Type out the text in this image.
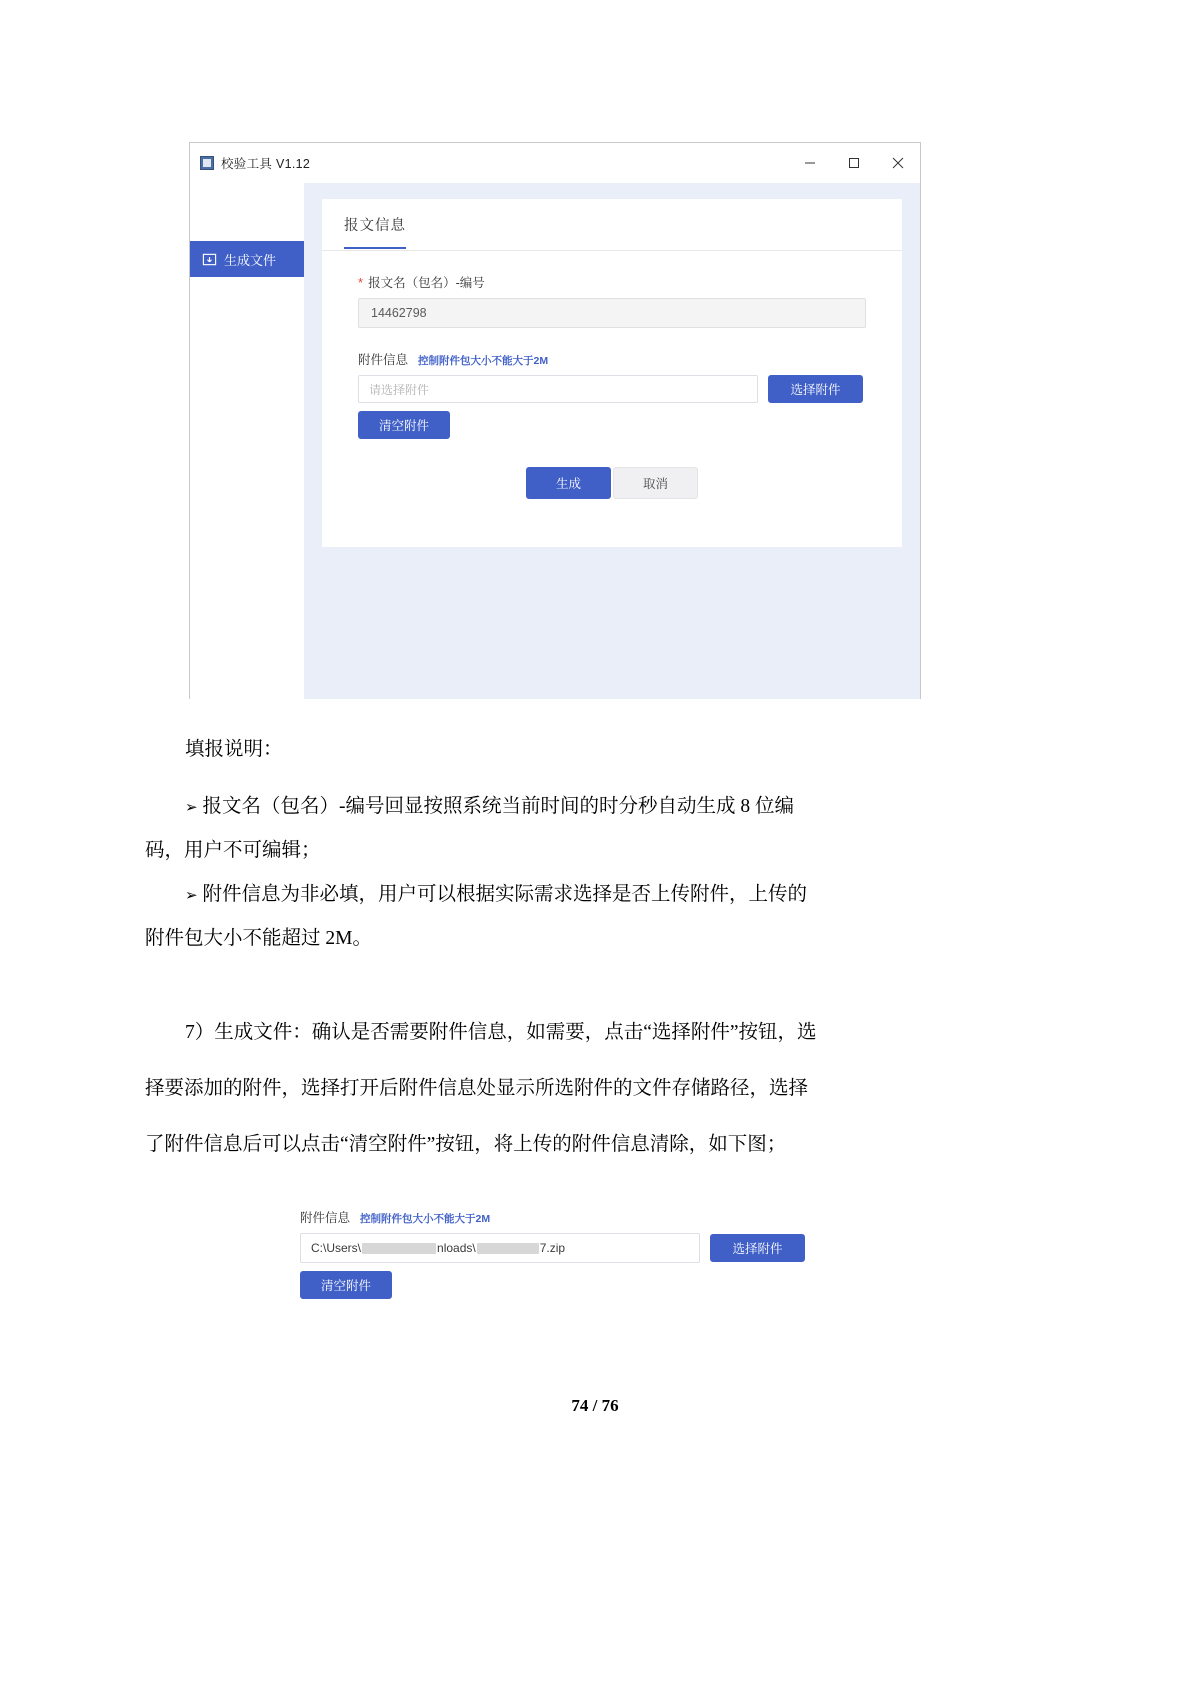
校验工具 V1.12
生成文件
报文信息
* 报文名（包名）-编号
14462798
附件信息 控制附件包大小不能大于2M
请选择附件	选择附件
清空附件
生成	取消
填报说明：
➢ 报文名（包名）-编号回显按照系统当前时间的时分秒自动生成 8 位编
码，用户不可编辑；
➢ 附件信息为非必填，用户可以根据实际需求选择是否上传附件，上传的
附件包大小不能超过 2M。
7）生成文件：确认是否需要附件信息，如需要，点击“选择附件”按钮，选
择要添加的附件，选择打开后附件信息处显示所选附件的文件存储路径，选择
了附件信息后可以点击“清空附件”按钮，将上传的附件信息清除，如下图；
附件信息 控制附件包大小不能大于2M
C:\Users\	nloads\	7.zip	选择附件
清空附件
74 / 76
